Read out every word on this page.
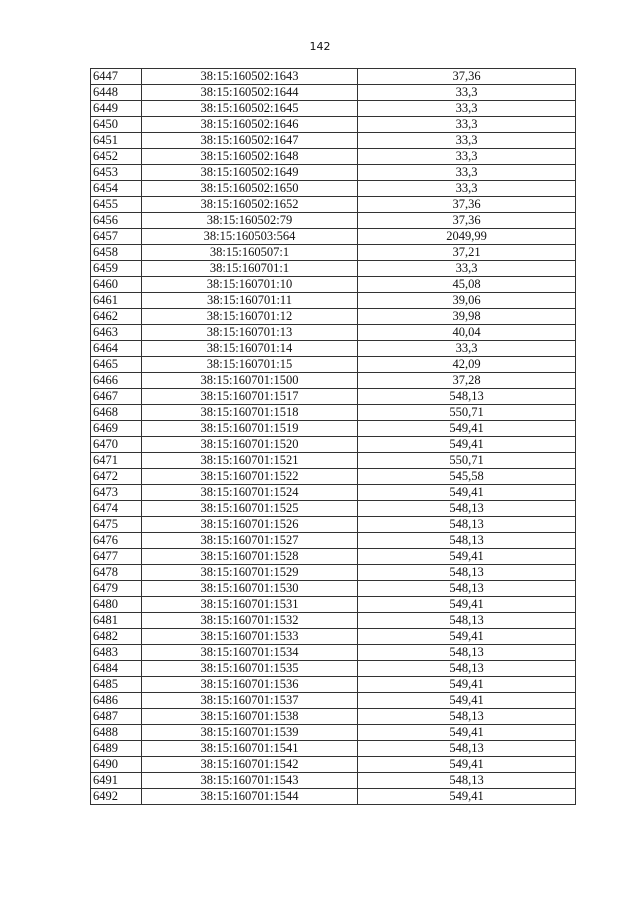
142
6447	38:15:160502:1643	37,36
6448	38:15:160502:1644	33,3
6449	38:15:160502:1645	33,3
6450	38:15:160502:1646	33,3
6451	38:15:160502:1647	33,3
6452	38:15:160502:1648	33,3
6453	38:15:160502:1649	33,3
6454	38:15:160502:1650	33,3
6455	38:15:160502:1652	37,36
6456	38:15:160502:79	37,36
6457	38:15:160503:564	2049,99
6458	38:15:160507:1	37,21
6459	38:15:160701:1	33,3
6460	38:15:160701:10	45,08
6461	38:15:160701:11	39,06
6462	38:15:160701:12	39,98
6463	38:15:160701:13	40,04
6464	38:15:160701:14	33,3
6465	38:15:160701:15	42,09
6466	38:15:160701:1500	37,28
6467	38:15:160701:1517	548,13
6468	38:15:160701:1518	550,71
6469	38:15:160701:1519	549,41
6470	38:15:160701:1520	549,41
6471	38:15:160701:1521	550,71
6472	38:15:160701:1522	545,58
6473	38:15:160701:1524	549,41
6474	38:15:160701:1525	548,13
6475	38:15:160701:1526	548,13
6476	38:15:160701:1527	548,13
6477	38:15:160701:1528	549,41
6478	38:15:160701:1529	548,13
6479	38:15:160701:1530	548,13
6480	38:15:160701:1531	549,41
6481	38:15:160701:1532	548,13
6482	38:15:160701:1533	549,41
6483	38:15:160701:1534	548,13
6484	38:15:160701:1535	548,13
6485	38:15:160701:1536	549,41
6486	38:15:160701:1537	549,41
6487	38:15:160701:1538	548,13
6488	38:15:160701:1539	549,41
6489	38:15:160701:1541	548,13
6490	38:15:160701:1542	549,41
6491	38:15:160701:1543	548,13
6492	38:15:160701:1544	549,41
